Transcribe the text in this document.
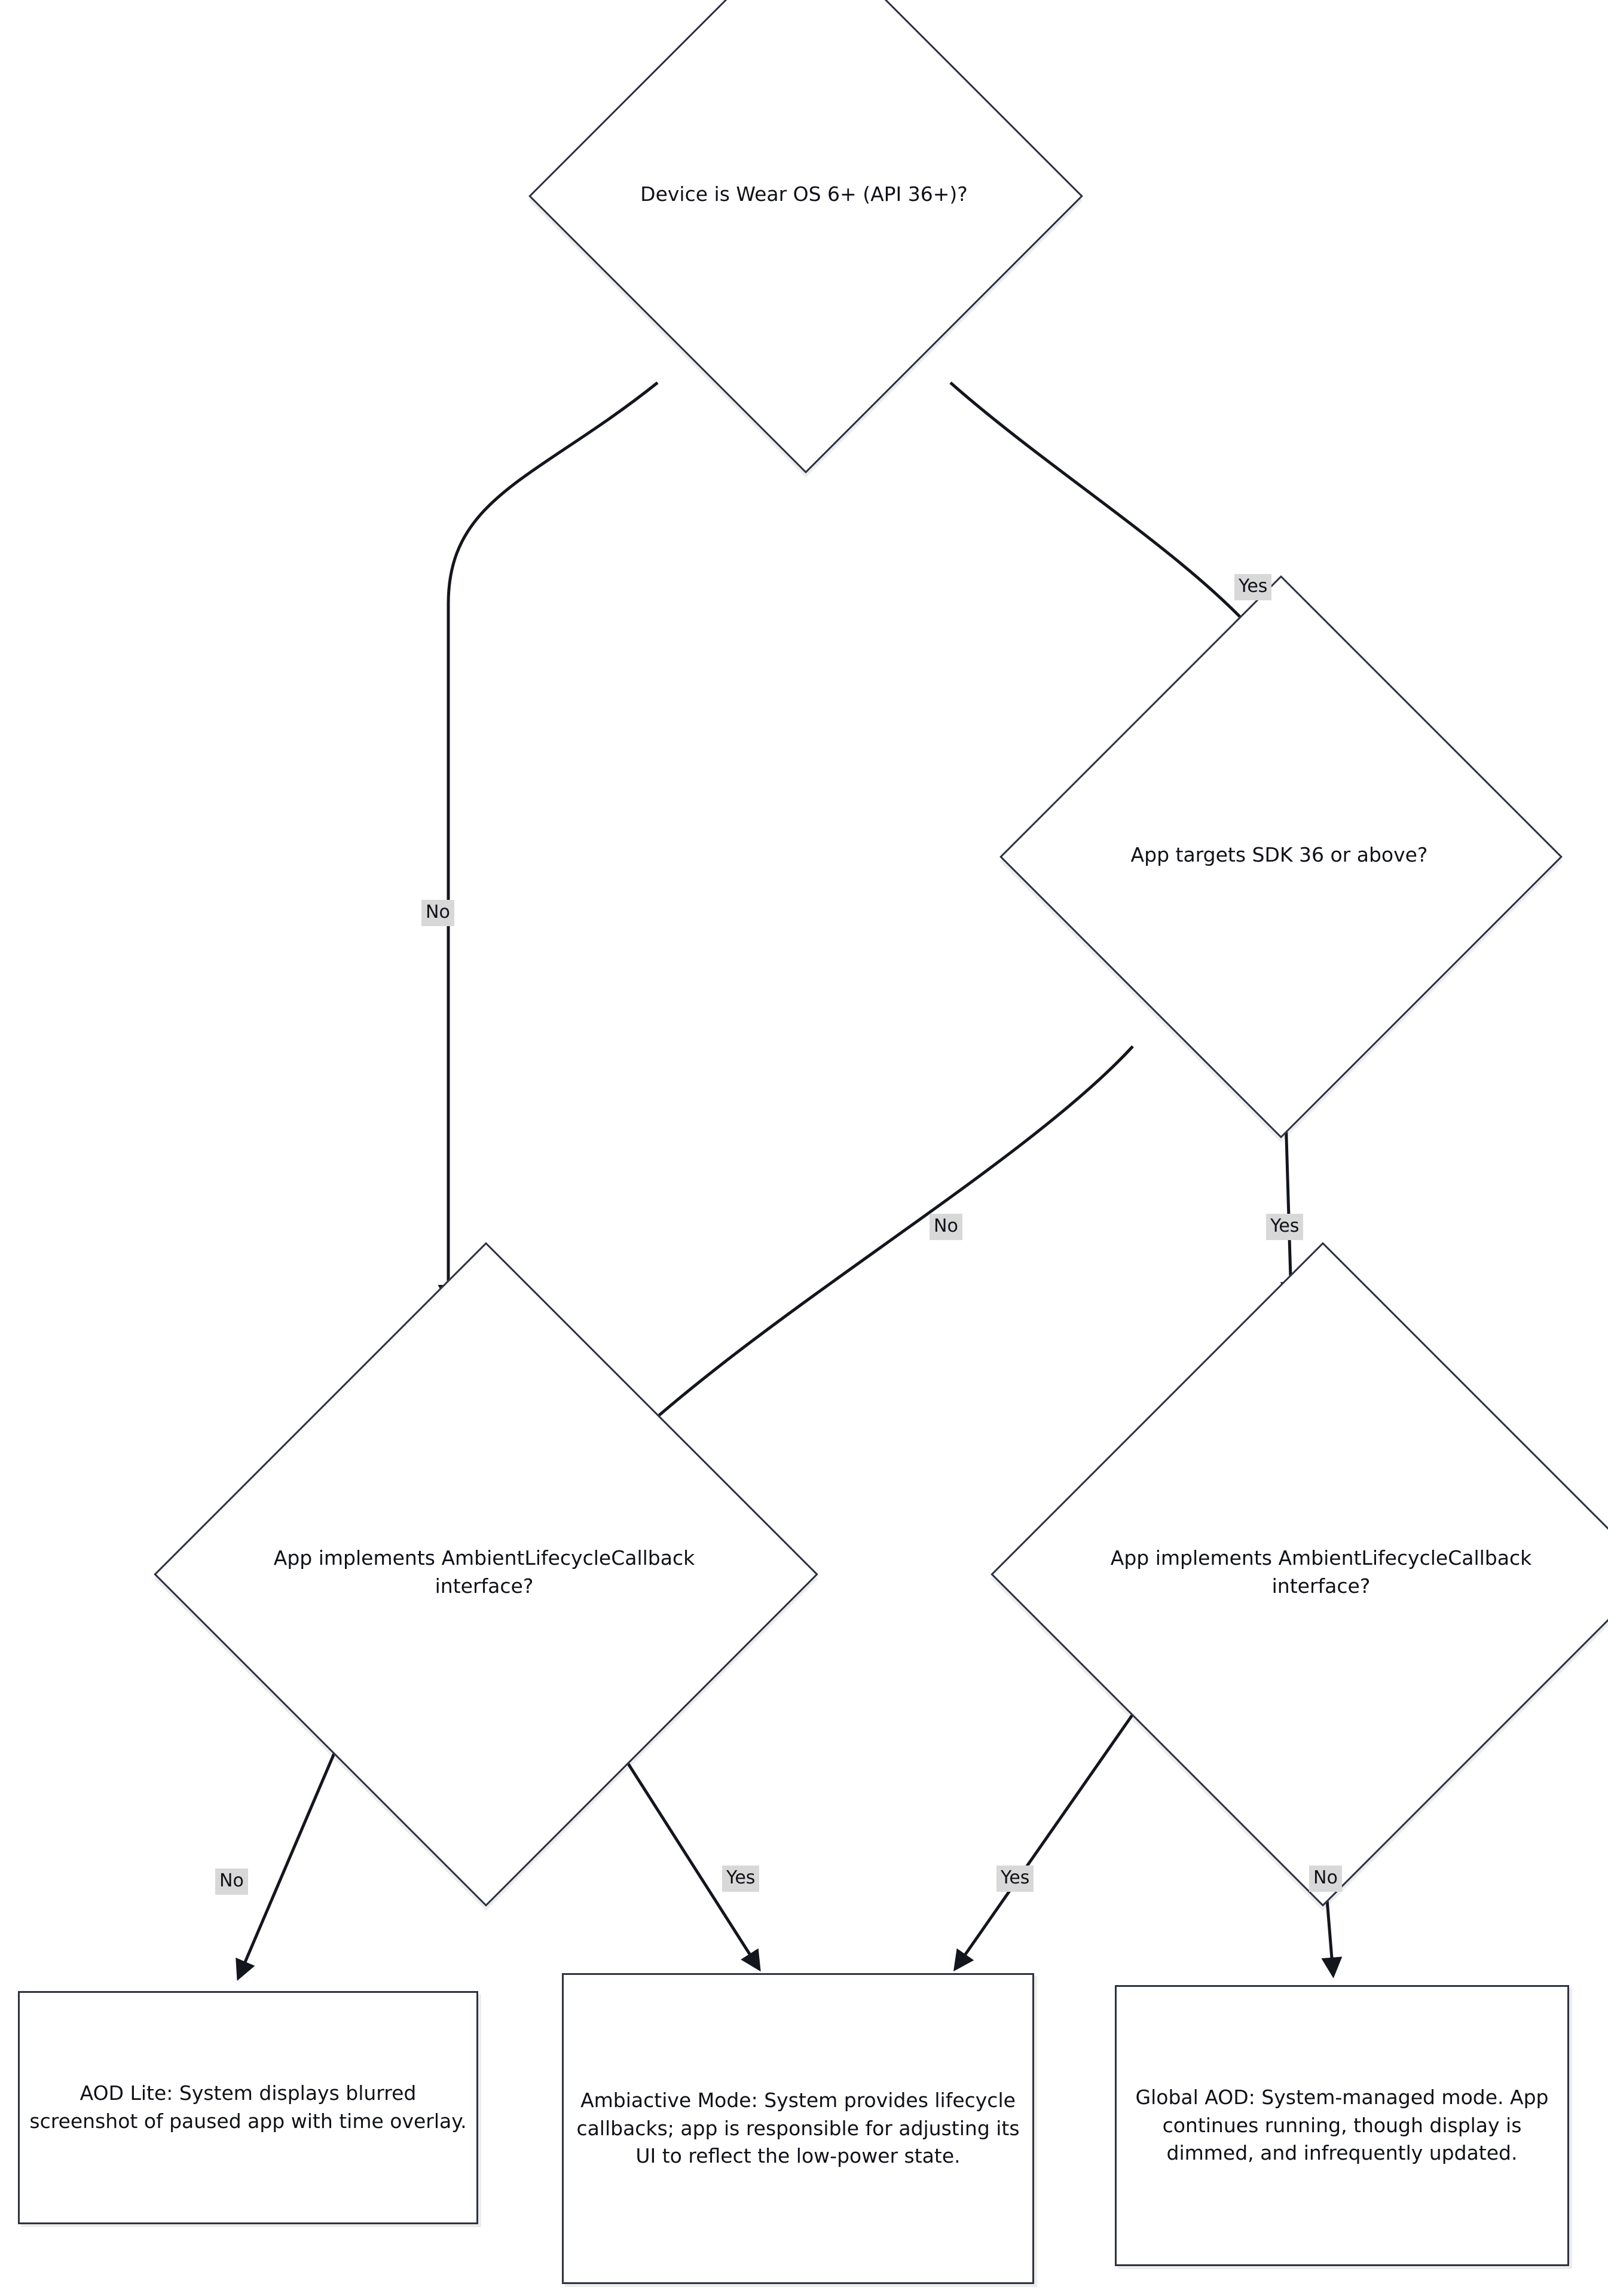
Device is Wear OS 6+ (API 36+)?
App targets SDK 36 or above?
App implements AmbientLifecycleCallback interface?
App implements AmbientLifecycleCallback interface?
AOD Lite: System displays blurred screenshot of paused app with time overlay.
Ambiactive Mode: System provides lifecycle callbacks; app is responsible for adjusting its UI to reflect the low-power state.
Global AOD: System-managed mode. App continues running, though display is dimmed, and infrequently updated.
No
Yes
No	Yes
No	Yes	Yes	No
